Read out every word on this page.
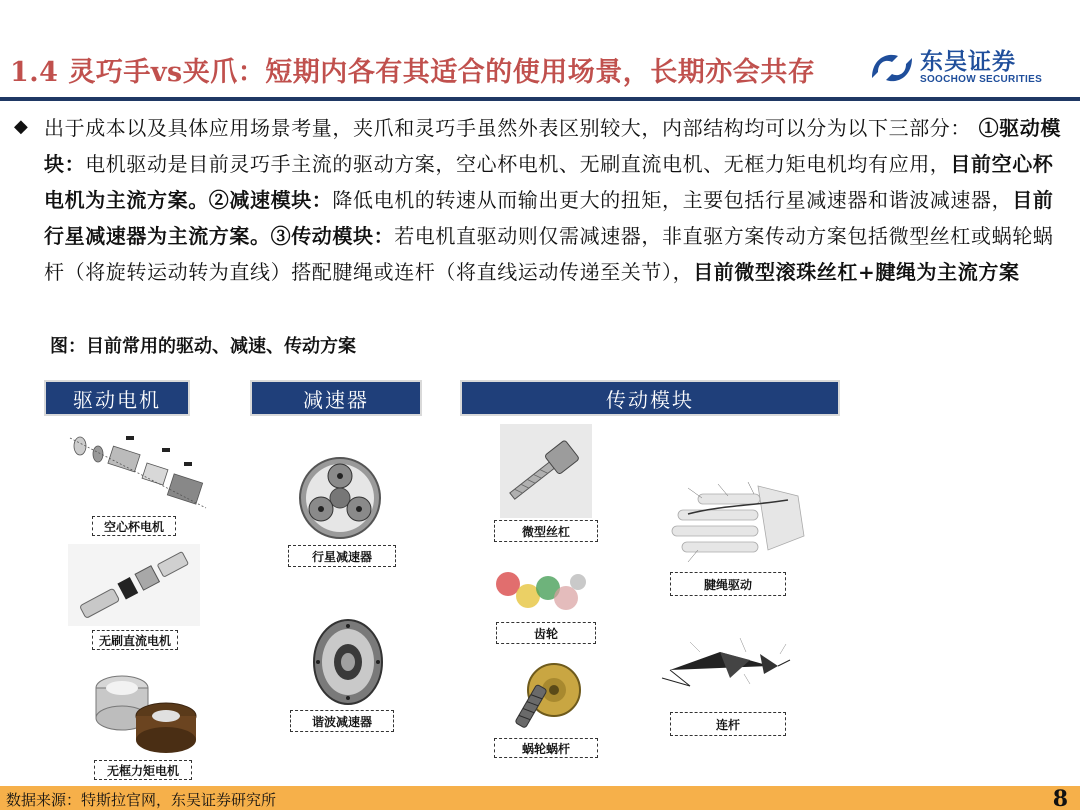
1.4 灵巧手vs夹爪：短期内各有其适合的使用场景，长期亦会共存	东吴证券
SOOCHOW SECURITIES
◆ 出于成本以及具体应用场景考量，夹爪和灵巧手虽然外表区别较大，内部结构均可以分为以下三部分： ①驱动模块：电机驱动是目前灵巧手主流的驱动方案，空心杯电机、无刷直流电机、无框力矩电机均有应用，目前空心杯电机为主流方案。②减速模块：降低电机的转速从而输出更大的扭矩，主要包括行星减速器和谐波减速器，目前行星减速器为主流方案。③传动模块：若电机直驱动则仅需减速器，非直驱方案传动方案包括微型丝杠或蜗轮蜗杆（将旋转运动转为直线）搭配腱绳或连杆（将直线运动传递至关节），目前微型滚珠丝杠+腱绳为主流方案
图：目前常用的驱动、减速、传动方案
驱动电机	减速器	传动模块
空心杯电机
无刷直流电机
无框力矩电机
行星减速器
谐波减速器
微型丝杠
齿轮
蜗轮蜗杆
腱绳驱动
连杆
数据来源：特斯拉官网，东吴证券研究所	8
